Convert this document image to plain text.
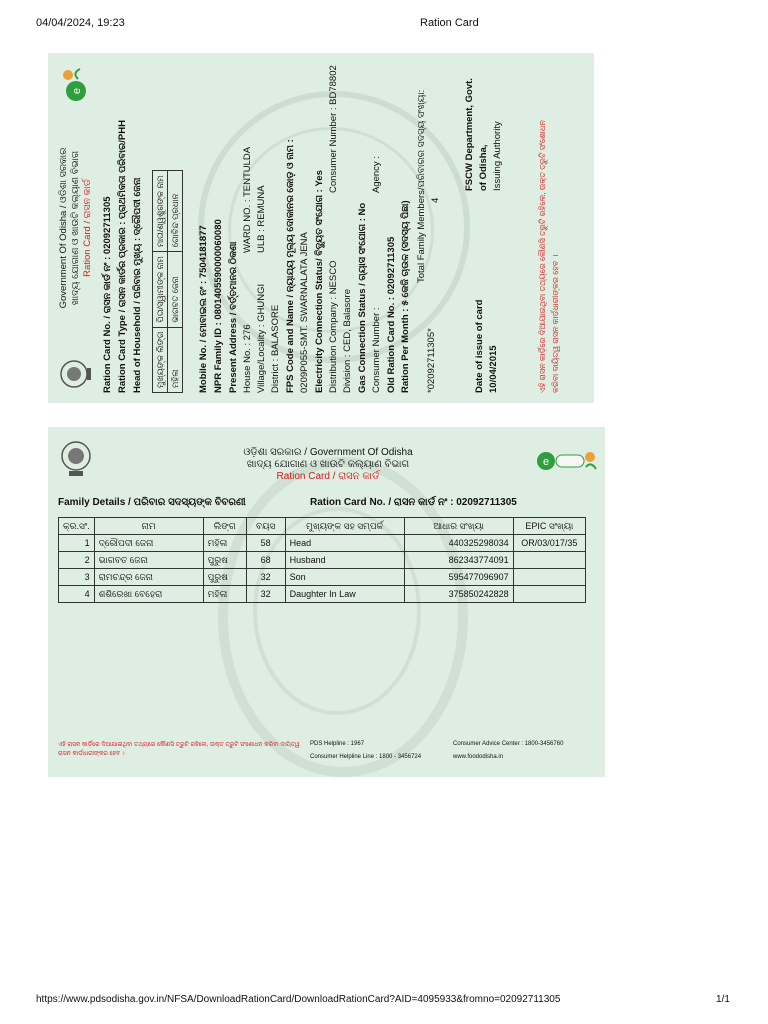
04/04/2024, 19:23	Ration Card
Government Of Odisha / ଓଡିଶା ସରକାର ଖାଦ୍ୟ ଯୋଗାଣ ଓ ଖାଉଟି କଲ୍ୟାଣ ବିଭାଗ Ration Card / ରାସନ କାର୍ଡ
e
Ration Card No. / ରାସନ କାର୍ଡ ନଂ : 02092711305 Ration Card Type / ରାସନ କାର୍ଡର ପ୍ରକାର : ପ୍ରାଥମିକତା ପରିବାର/PHH Head of Household / ପରିବାର ମୁଖ୍ୟ : ଦ୍ରୌପଦୀ ଜେନା ମୁଖ୍ୟଙ୍କ ଲିଙ୍ଗ	ପିତା/ସ୍ୱାମୀଙ୍କ ନାମ	ମାତା/ଶ୍ୱଶୁରଙ୍କ ନାମ
ମହିଳା	ଭାଗବତ ଜେନା	ଗୋବିନ୍ଦ ପ୍ରଧାନ
Mobile No. / ମୋବାଇଲ ନଂ : 7504181877 NPR Family ID : 0801405590000060080 Present Address / ବର୍ତ୍ତମାନର ଠିକଣା House No. : 276
WARD NO. : TENTULDA
Village/Locality : GHUNGI
ULB : REMUNA
District : BALASORE FPS Code and Name / ନ୍ୟାଯ୍ୟ ମୂଲ୍ୟ ଦୋକାନର କୋଡ଼ ଓ ନାମ : 0209P055-SMT. SWARNALATA JENA Electricity Connection Status/ ବିଦ୍ୟୁତ ସଂଯୋଗ : Yes Distribution Company : NESCO
Consumer Number : BD78802
Division : CED, Balasore Gas Connection Status / ଗ୍ୟାସ ସଂଯୋଗ : No Consumer Number :
Agency :
Old Ration Card No. : 02092711305 Ration Per Month : ୫ କେଜି ଚାଉଳ (ସଦସ୍ୟ ପିଛା)
Total Family Members/ପରିବାରର ସଦସ୍ୟ ସଂଖ୍ୟା: 4
*02092711305*	Date of issue of card 10/04/2015
FSCW Department, Govt. of Odisha, Issuing Authority	ଏହି ରାସନ କାର୍ଡ଼ିରେ ଦିଆଯାଇଥିବା ତଥ୍ୟରେ କୌଣସି ତ୍ରୁଟି ରହିଲେ, ଉକ୍ତ ତ୍ରୁଟି ସଂଶୋଧନ କରିବା ଦାୟିତ୍ୱ ରାସନ କାର୍ଡଧାରୀଙ୍କର ହେବ ।
ଓଡ଼ିଶା ସରକାର / Government Of Odisha
ଖାଦ୍ୟ ଯୋଗାଣ ଓ ଖାଉଟି କଲ୍ୟାଣ ବିଭାଗ
Ration Card / ରାସନ କାର୍ଡ
e
Family Details / ପରିବାର ସଦସ୍ୟଙ୍କ ବିବରଣୀ	Ration Card No. / ରାସନ କାର୍ଡ ନଂ : 02092711305
କ୍ର.ସଂ.	ନାମ	ଲିଙ୍ଗ	ବୟସ	ମୁଖ୍ୟଙ୍କ ସହ ସମ୍ପର୍କ	ଆଧାର ସଂଖ୍ୟା	EPIC ସଂଖ୍ୟା
1	ଦ୍ରୌପଦୀ ଜେନା	ମହିଳା	58	Head	440325298034	OR/03/017/35
2	ଭାଗବତ ଜେନା	ପୁରୁଷ	68	Husband	862343774091	
3	ରାମଚନ୍ଦ୍ର ଜେନା	ପୁରୁଷ	32	Son	595477096907	
4	ଶଶିରେଖା ବେହେରା	ମହିଳା	32	Daughter In Law	375850242828	
ଏହି ରାସନ କାର୍ଡ଼ିରେ ଦିଆଯାଇଥିବା ତଥ୍ୟରେ କୌଣସି ତ୍ରୁଟି ରହିଲେ, ଉକ୍ତ ତ୍ରୁଟି ସଂଶୋଧନ କରିବା ଦାୟିତ୍ୱ ରାସନ କାର୍ଡଧାରୀଙ୍କର ହେବ ।
PDS Helpline : 1967
Consumer Helpline Line : 1800 - 3456724
Consumer Advice Center : 1800-3456760
www.foododisha.in
https://www.pdsodisha.gov.in/NFSA/DownloadRationCard/DownloadRationCard?AID=4095933&fromno=02092711305	1/1
